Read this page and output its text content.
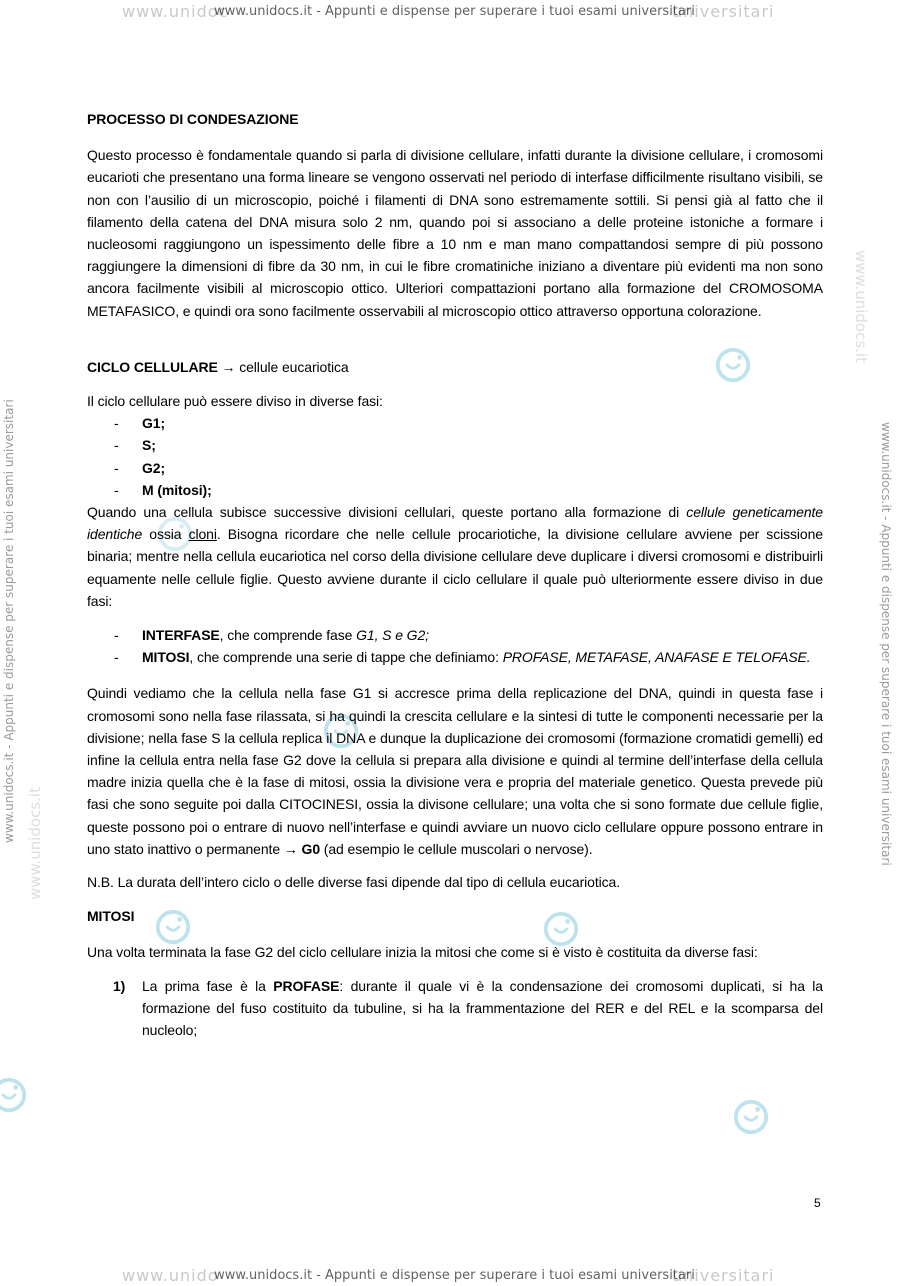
www.unidoc	universitari
www.unidocs.it - Appunti e dispense per superare i tuoi esami universitari
www.unido	universitari
www.unidocs.it - Appunti e dispense per superare i tuoi esami universitari
www.unidocs.it - Appunti e dispense per superare i tuoi esami universitari	www.unidocs.it - Appunti e dispense per superare i tuoi esami universitari
www.unidocs.it
www.unidocs.it

PROCESSO DI CONDESAZIONE

Questo processo è fondamentale quando si parla di divisione cellulare, infatti durante la divisione cellulare, i cromosomi eucarioti che presentano una forma lineare se vengono osservati nel periodo di interfase difficilmente risultano visibili, se non con l’ausilio di un microscopio, poiché i filamenti di DNA sono estremamente sottili. Si pensi già al fatto che il filamento della catena del DNA misura solo 2 nm, quando poi si associano a delle proteine istoniche a formare i nucleosomi raggiungono un ispessimento delle fibre a 10 nm e man mano compattandosi sempre di più possono raggiungere la dimensioni di fibre da 30 nm, in cui le fibre cromatiniche iniziano a diventare più evidenti ma non sono ancora facilmente visibili al microscopio ottico. Ulteriori compattazioni portano alla formazione del CROMOSOMA METAFASICO, e quindi ora sono facilmente osservabili al microscopio ottico attraverso opportuna colorazione.

CICLO CELLULARE → cellule eucariotica

Il ciclo cellulare può essere diviso in diverse fasi:

- G1;
- S;
- G2;
- M (mitosi);

Quando una cellula subisce successive divisioni cellulari, queste portano alla formazione di cellule geneticamente identiche ossia cloni. Bisogna ricordare che nelle cellule procariotiche, la divisione cellulare avviene per scissione binaria; mentre nella cellula eucariotica nel corso della divisione cellulare deve duplicare i diversi cromosomi e distribuirli equamente nelle cellule figlie. Questo avviene durante il ciclo cellulare il quale può ulteriormente essere diviso in due fasi:

- INTERFASE, che comprende fase G1, S e G2;
- MITOSI, che comprende una serie di tappe che definiamo: PROFASE, METAFASE, ANAFASE E TELOFASE.

Quindi vediamo che la cellula nella fase G1 si accresce prima della replicazione del DNA, quindi in questa fase i cromosomi sono nella fase rilassata, si ha quindi la crescita cellulare e la sintesi di tutte le componenti necessarie per la divisione; nella fase S la cellula replica il DNA e dunque la duplicazione dei cromosomi (formazione cromatidi gemelli) ed infine la cellula entra nella fase G2 dove la cellula si prepara alla divisione e quindi al termine dell’interfase della cellula madre inizia quella che è la fase di mitosi, ossia la divisione vera e propria del materiale genetico. Questa prevede più fasi che sono seguite poi dalla CITOCINESI, ossia la divisone cellulare; una volta che si sono formate due cellule figlie, queste possono poi o entrare di nuovo nell’interfase e quindi avviare un nuovo ciclo cellulare oppure possono entrare in uno stato inattivo o permanente → G0 (ad esempio le cellule muscolari o nervose).

N.B. La durata dell’intero ciclo o delle diverse fasi dipende dal tipo di cellula eucariotica.

MITOSI

Una volta terminata la fase G2 del ciclo cellulare inizia la mitosi che come si è visto è costituita da diverse fasi:

1) La prima fase è la PROFASE: durante il quale vi è la condensazione dei cromosomi duplicati, si ha la formazione del fuso costituito da tubuline, si ha la frammentazione del RER e del REL e la scomparsa del nucleolo;
5
